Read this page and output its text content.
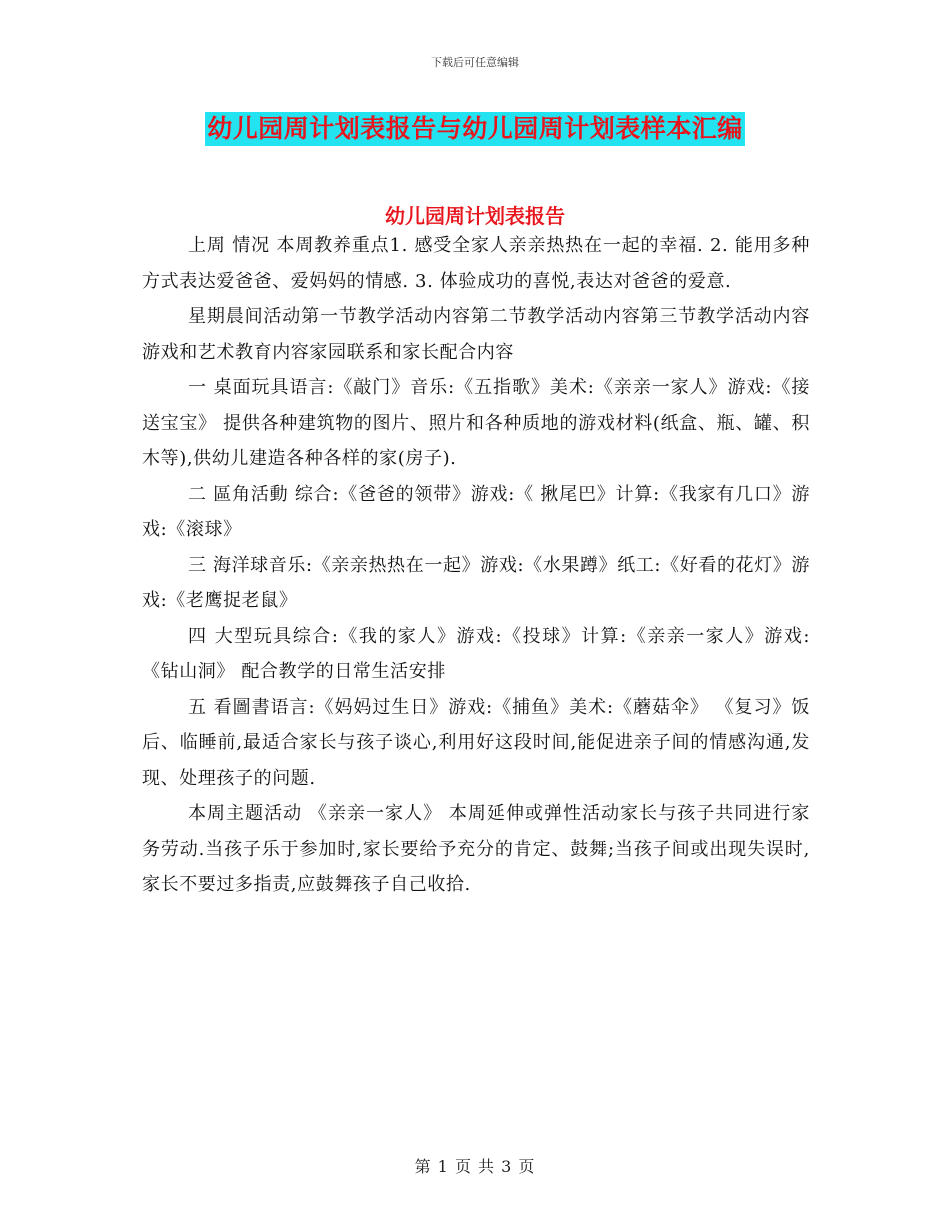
下载后可任意编辑
幼儿园周计划表报告与幼儿园周计划表样本汇编
幼儿园周计划表报告

上周 情况 本周教养重点1. 感受全家人亲亲热热在一起的幸福. 2. 能用多种方式表达爱爸爸、爱妈妈的情感. 3. 体验成功的喜悦,表达对爸爸的爱意.

星期晨间活动第一节教学活动内容第二节教学活动内容第三节教学活动内容游戏和艺术教育内容家园联系和家长配合内容

一 桌面玩具语言:《敲门》音乐:《五指歌》美术:《亲亲一家人》游戏:《接送宝宝》 提供各种建筑物的图片、照片和各种质地的游戏材料(纸盒、瓶、罐、积木等),供幼儿建造各种各样的家(房子).

二 區角活動 综合:《爸爸的领带》游戏:《 揪尾巴》计算:《我家有几口》游戏:《滚球》

三 海洋球音乐:《亲亲热热在一起》游戏:《水果蹲》纸工:《好看的花灯》游戏:《老鹰捉老鼠》

四 大型玩具综合:《我的家人》游戏:《投球》计算:《亲亲一家人》游戏:《钻山洞》 配合教学的日常生活安排

五 看圖書语言:《妈妈过生日》游戏:《捕鱼》美术:《蘑菇伞》 《复习》饭后、临睡前,最适合家长与孩子谈心,利用好这段时间,能促进亲子间的情感沟通,发现、处理孩子的问题.

本周主题活动 《亲亲一家人》 本周延伸或弹性活动家长与孩子共同进行家务劳动.当孩子乐于参加时,家长要给予充分的肯定、鼓舞;当孩子间或出现失误时,家长不要过多指责,应鼓舞孩子自己收拾.

第 1 页 共 3 页
